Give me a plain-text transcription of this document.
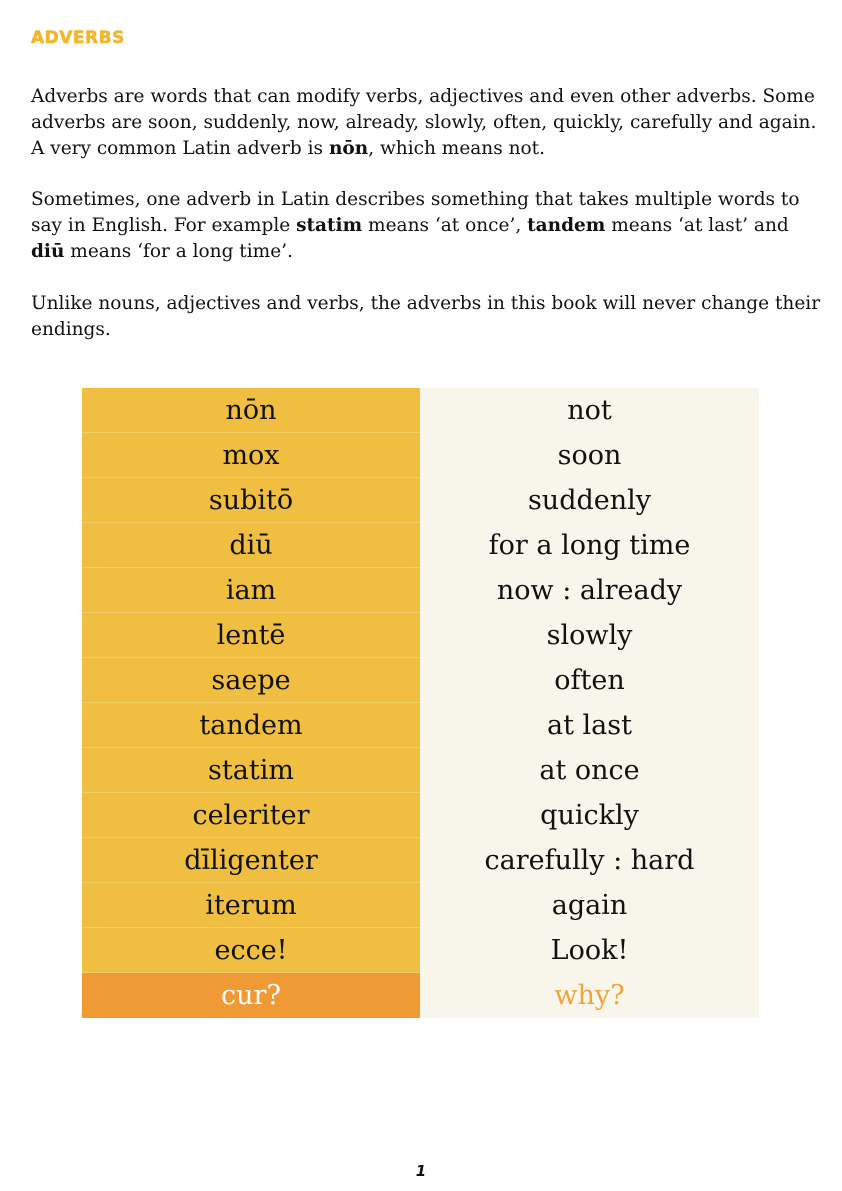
ADVERBS

Adverbs are words that can modify verbs, adjectives and even other adverbs. Some adverbs are soon, suddenly, now, already, slowly, often, quickly, carefully and again. A very common Latin adverb is nōn, which means not.

Sometimes, one adverb in Latin describes something that takes multiple words to say in English. For example statim means ‘at once’, tandem means ‘at last’ and diū means ‘for a long time’.

Unlike nouns, adjectives and verbs, the adverbs in this book will never change their endings.

nōn	not
mox	soon
subitō	suddenly
diū	for a long time
iam	now : already
lentē	slowly
saepe	often
tandem	at last
statim	at once
celeriter	quickly
dīligenter	carefully : hard
iterum	again
ecce!	Look!
cur?	why?
1
